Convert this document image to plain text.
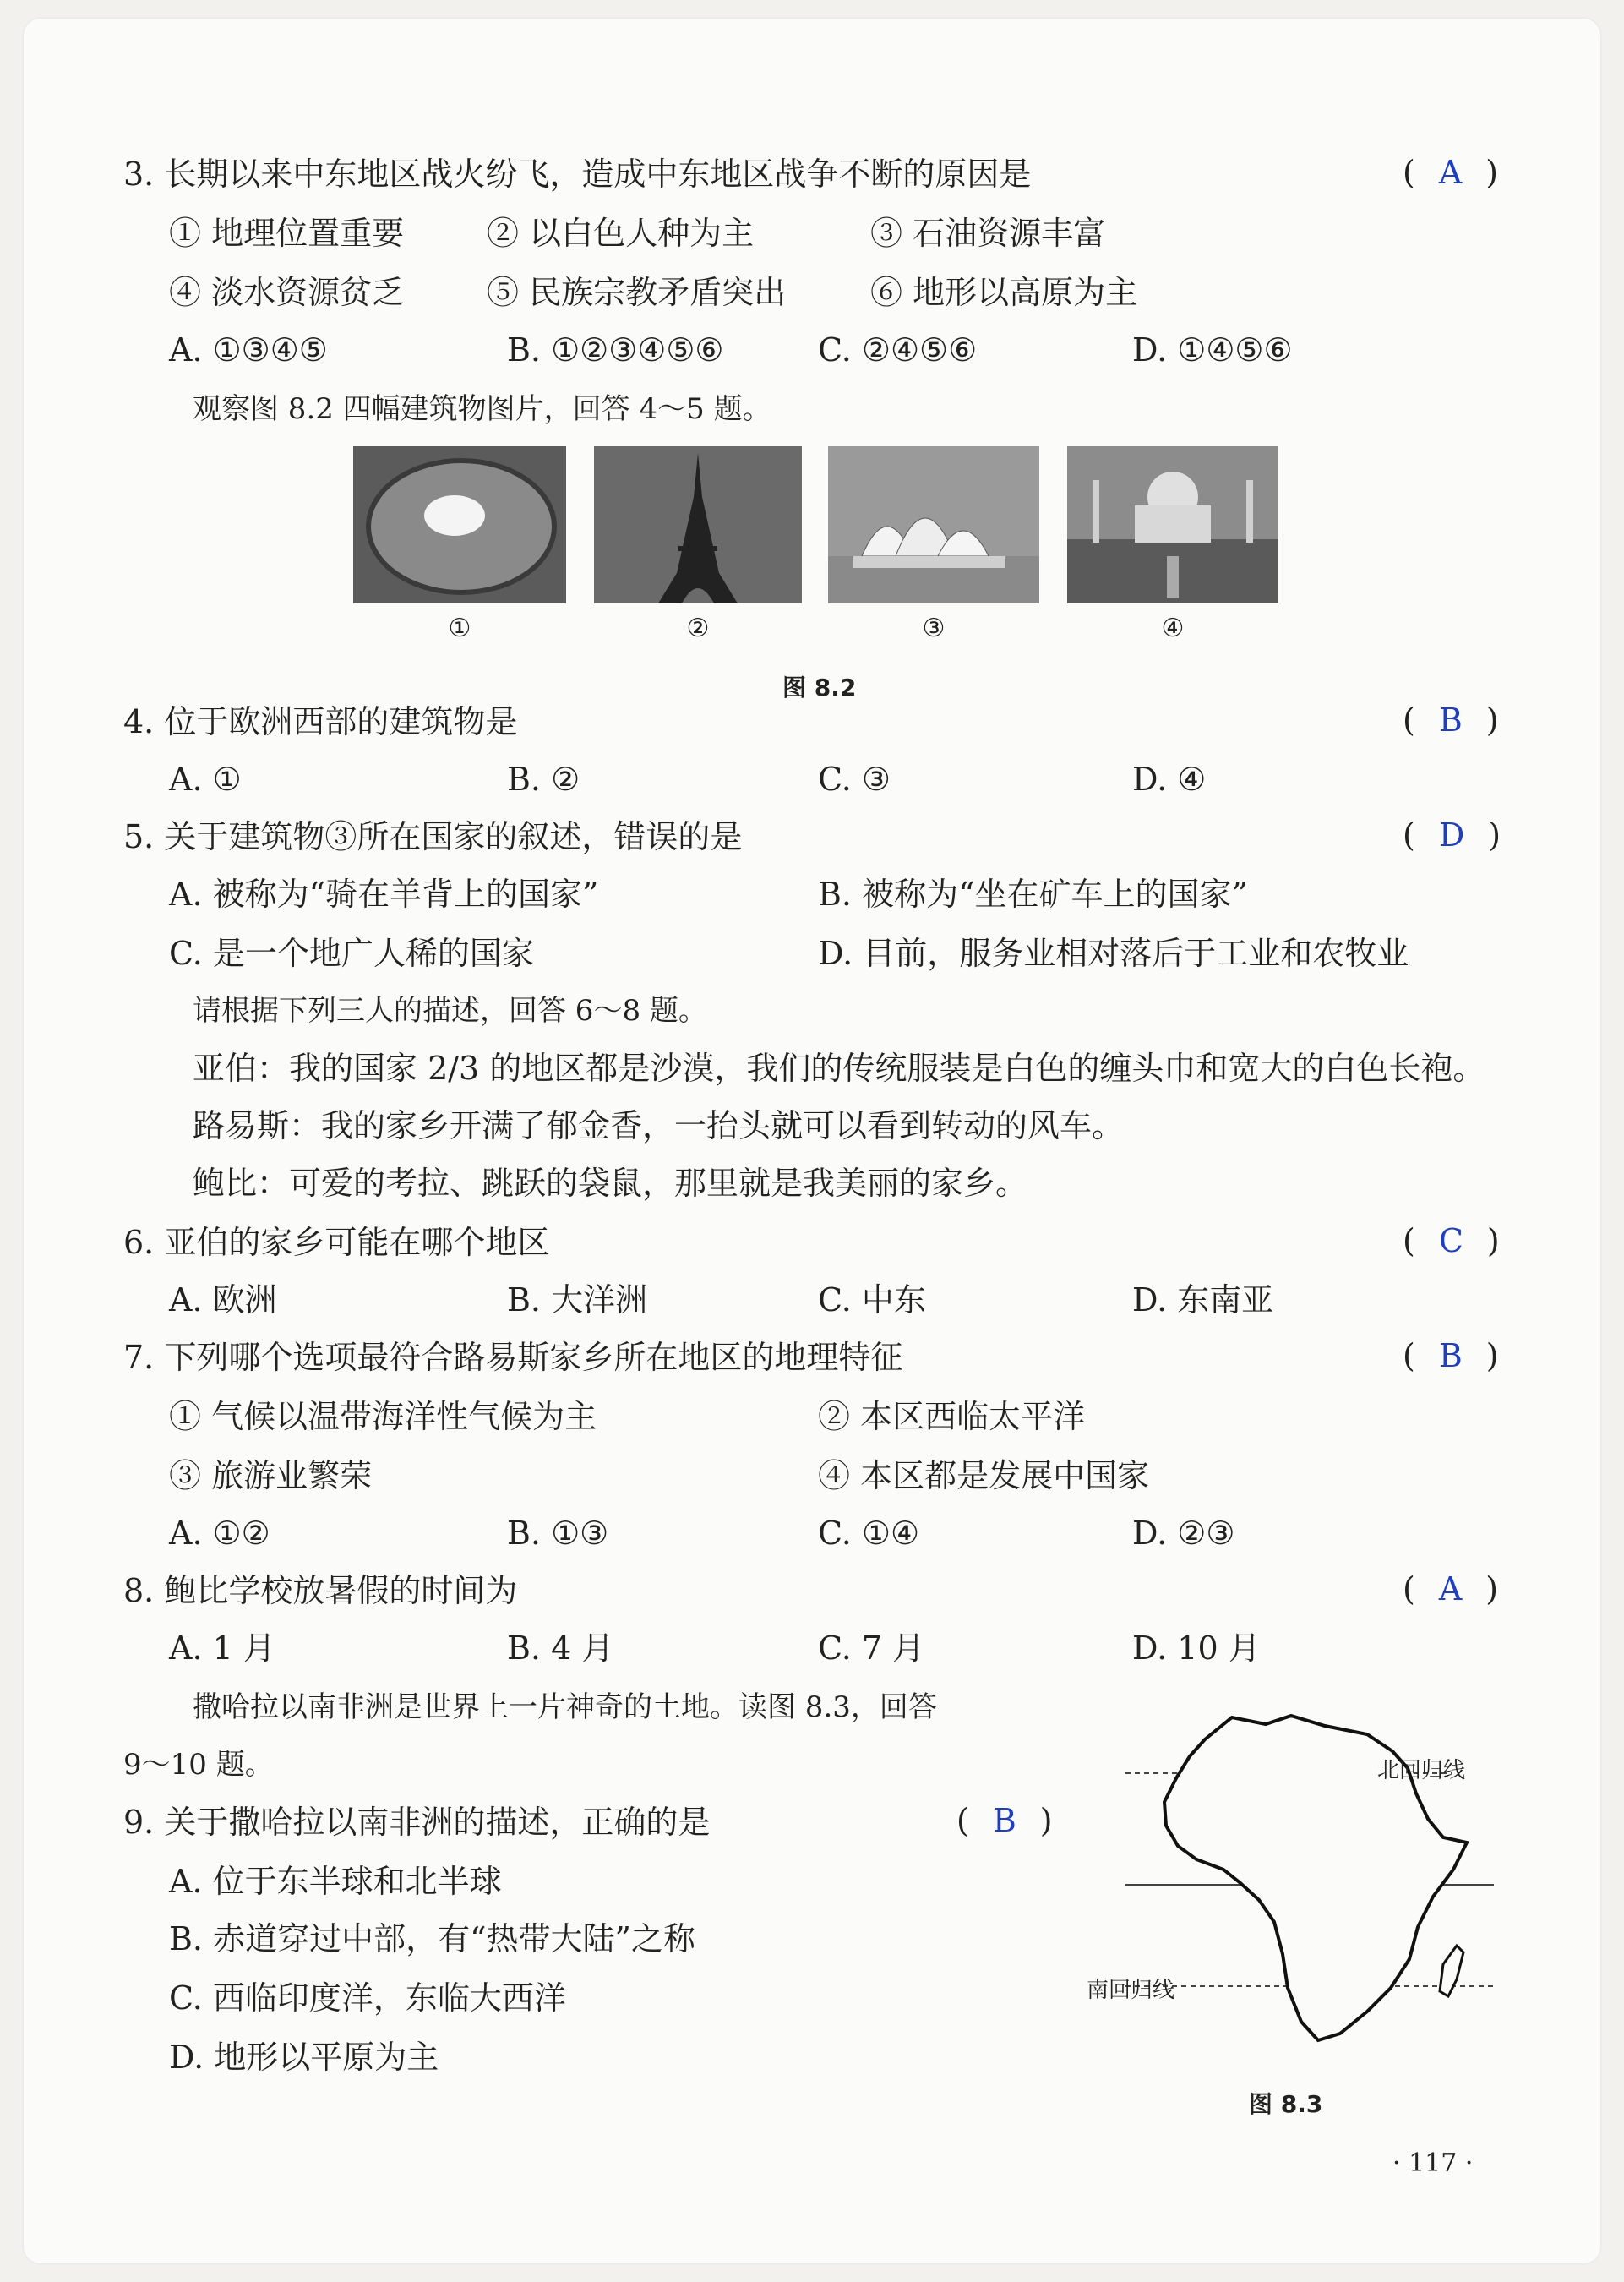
3. 长期以来中东地区战火纷飞，造成中东地区战争不断的原因是	( A )
① 地理位置重要	② 以白色人种为主	③ 石油资源丰富
④ 淡水资源贫乏	⑤ 民族宗教矛盾突出	⑥ 地形以高原为主
A. ①③④⑤	B. ①②③④⑤⑥	C. ②④⑤⑥	D. ①④⑤⑥
观察图 8.2 四幅建筑物图片，回答 4～5 题。
①	②	③	④
图 8.2
4. 位于欧洲西部的建筑物是	( B )
A. ①	B. ②	C. ③	D. ④
5. 关于建筑物③所在国家的叙述，错误的是	( D )
A. 被称为“骑在羊背上的国家”	B. 被称为“坐在矿车上的国家”
C. 是一个地广人稀的国家	D. 目前，服务业相对落后于工业和农牧业
请根据下列三人的描述，回答 6～8 题。
亚伯：我的国家 2/3 的地区都是沙漠，我们的传统服装是白色的缠头巾和宽大的白色长袍。
路易斯：我的家乡开满了郁金香，一抬头就可以看到转动的风车。
鲍比：可爱的考拉、跳跃的袋鼠，那里就是我美丽的家乡。
6. 亚伯的家乡可能在哪个地区	( C )
A. 欧洲	B. 大洋洲	C. 中东	D. 东南亚
7. 下列哪个选项最符合路易斯家乡所在地区的地理特征	( B )
① 气候以温带海洋性气候为主	② 本区西临太平洋
③ 旅游业繁荣	④ 本区都是发展中国家
A. ①②	B. ①③	C. ①④	D. ②③
8. 鲍比学校放暑假的时间为	( A )
A. 1 月	B. 4 月	C. 7 月	D. 10 月
撒哈拉以南非洲是世界上一片神奇的土地。读图 8.3，回答
9～10 题。
9. 关于撒哈拉以南非洲的描述，正确的是	( B )
A. 位于东半球和北半球
B. 赤道穿过中部，有“热带大陆”之称
C. 西临印度洋，东临大西洋
D. 地形以平原为主
北回归线
南回归线
图 8.3
· 117 ·
